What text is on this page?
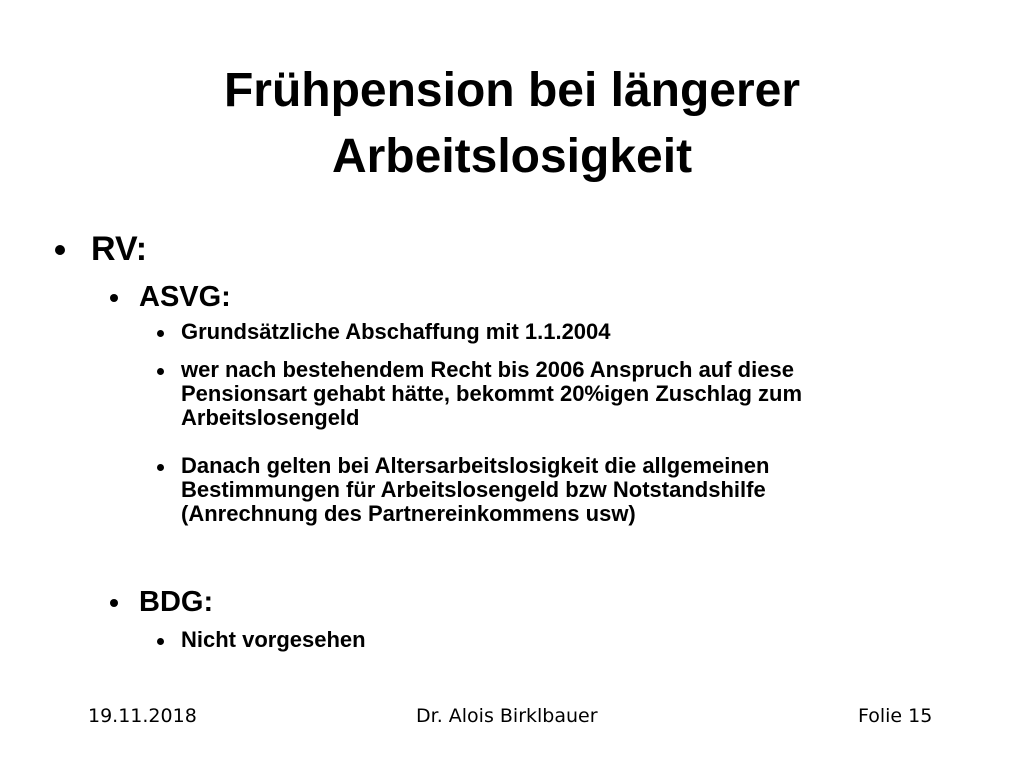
Frühpension bei längerer
Arbeitslosigkeit
RV:
ASVG:
Grundsätzliche Abschaffung mit 1.1.2004
wer nach bestehendem Recht bis 2006 Anspruch auf diese
Pensionsart gehabt hätte, bekommt 20%igen Zuschlag zum
Arbeitslosengeld
Danach gelten bei Altersarbeitslosigkeit die allgemeinen
Bestimmungen für Arbeitslosengeld bzw Notstandshilfe
(Anrechnung des Partnereinkommens usw)
BDG:
Nicht vorgesehen
19.11.2018	Dr. Alois Birklbauer	Folie 15
